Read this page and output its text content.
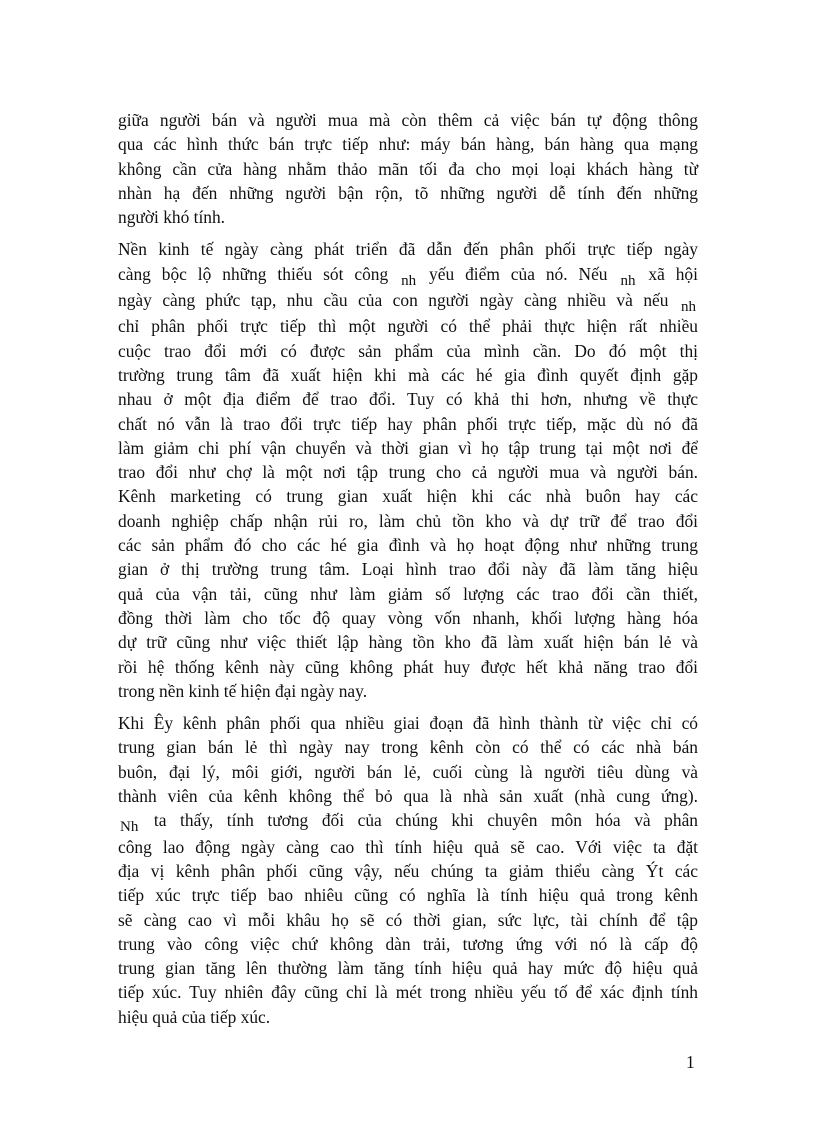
giữa người bán và người mua mà còn thêm cả việc bán tự động thông
qua các hình thức bán trực tiếp như: máy bán hàng, bán hàng qua mạng
không cần cửa hàng nhằm thảo mãn tối đa cho mọi loại khách hàng từ
nhàn hạ đến những người bận rộn, tõ những người dễ tính đến những
người khó tính.
Nền kinh tế ngày càng phát triển đã dẫn đến phân phối trực tiếp ngày
càng bộc lộ những thiếu sót công nh yếu điểm của nó. Nếu nh xã hội
ngày càng phức tạp, nhu cầu của con người ngày càng nhiều và nếu nh
chỉ phân phối trực tiếp thì một người có thể phải thực hiện rất nhiều
cuộc trao đổi mới có được sản phẩm của mình cần. Do đó một thị
trường trung tâm đã xuất hiện khi mà các hé gia đình quyết định gặp
nhau ở một địa điểm để trao đổi. Tuy có khả thi hơn, nhưng về thực
chất nó vẫn là trao đổi trực tiếp hay phân phối trực tiếp, mặc dù nó đã
làm giảm chi phí vận chuyển và thời gian vì họ tập trung tại một nơi để
trao đổi như chợ là một nơi tập trung cho cả người mua và người bán.
Kênh marketing có trung gian xuất hiện khi các nhà buôn hay các
doanh nghiệp chấp nhận rủi ro, làm chủ tồn kho và dự trữ để trao đổi
các sản phẩm đó cho các hé gia đình và họ hoạt động như những trung
gian ở thị trường trung tâm. Loại hình trao đổi này đã làm tăng hiệu
quả của vận tải, cũng như làm giảm số lượng các trao đổi cần thiết,
đồng thời làm cho tốc độ quay vòng vốn nhanh, khối lượng hàng hóa
dự trữ cũng như việc thiết lập hàng tồn kho đã làm xuất hiện bán lẻ và
rồi hệ thống kênh này cũng không phát huy được hết khả năng trao đổi
trong nền kinh tế hiện đại ngày nay.
Khi Êy kênh phân phối qua nhiều giai đoạn đã hình thành từ việc chỉ có
trung gian bán lẻ thì ngày nay trong kênh còn có thể có các nhà bán
buôn, đại lý, môi giới, người bán lẻ, cuối cùng là người tiêu dùng và
thành viên của kênh không thể bỏ qua là nhà sản xuất (nhà cung ứng).
Nh ta thấy, tính tương đối của chúng khi chuyên môn hóa và phân
công lao động ngày càng cao thì tính hiệu quả sẽ cao. Với việc ta đặt
địa vị kênh phân phối cũng vậy, nếu chúng ta giảm thiểu càng Ýt các
tiếp xúc trực tiếp bao nhiêu cũng có nghĩa là tính hiệu quả trong kênh
sẽ càng cao vì mỗi khâu họ sẽ có thời gian, sức lực, tài chính để tập
trung vào công việc chứ không dàn trải, tương ứng với nó là cấp độ
trung gian tăng lên thường làm tăng tính hiệu quả hay mức độ hiệu quả
tiếp xúc. Tuy nhiên đây cũng chỉ là mét trong nhiều yếu tố để xác định tính
hiệu quả của tiếp xúc.
1
